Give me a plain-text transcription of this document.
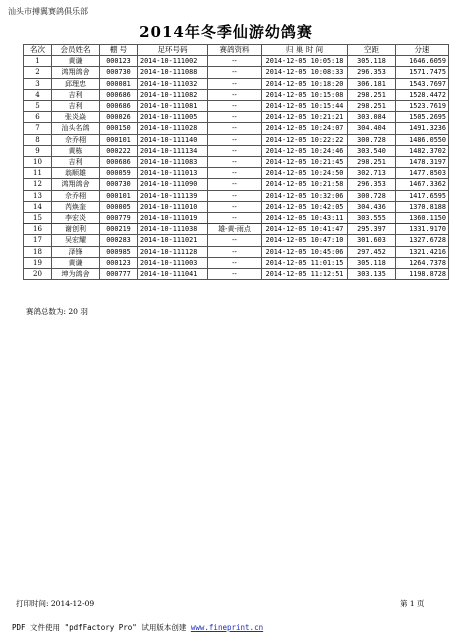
汕头市搏翼赛鸽俱乐部
2014年冬季仙游幼鸽赛
名次	会员姓名	棚 号	足环号码	赛鸽资料	归 巢 时 间	空距	分速
1	黄谦	000123	2014-10-111002	--	2014-12-05 10:05:18	305.118	1646.6059
2	鸿翔鸽舍	000730	2014-10-111088	--	2014-12-05 10:08:33	296.353	1571.7475
3	邱理忠	000081	2014-10-111032	--	2014-12-05 10:18:20	306.181	1543.7697
4	吉利	000686	2014-10-111082	--	2014-12-05 10:15:08	298.251	1528.4472
5	吉利	000686	2014-10-111081	--	2014-12-05 10:15:44	298.251	1523.7619
6	张炎焱	000026	2014-10-111005	--	2014-12-05 10:21:21	303.084	1505.2695
7	汕头名鸽	000150	2014-10-111028	--	2014-12-05 10:24:07	304.404	1491.3236
8	佘乔栩	000101	2014-10-111140	--	2014-12-05 10:22:22	300.728	1486.0550
9	黄栋	000222	2014-10-111134	--	2014-12-05 10:24:46	303.540	1482.3702
10	吉利	000686	2014-10-111083	--	2014-12-05 10:21:45	298.251	1478.3197
11	翁顺雄	000059	2014-10-111013	--	2014-12-05 10:24:50	302.713	1477.8503
12	鸿翔鸽舍	000730	2014-10-111090	--	2014-12-05 10:21:58	296.353	1467.3362
13	佘乔栩	000101	2014-10-111139	--	2014-12-05 10:32:06	300.728	1417.6595
14	芮焕奎	000005	2014-10-111010	--	2014-12-05 10:42:05	304.436	1370.8188
15	李宏炎	000779	2014-10-111019	--	2014-12-05 10:43:11	303.555	1360.1150
16	谢创利	000219	2014-10-111038	雄-黄-雨点	2014-12-05 10:41:47	295.397	1331.9170
17	吴宏耀	000283	2014-10-111021	--	2014-12-05 10:47:10	301.603	1327.6728
18	泽锋	000985	2014-10-111128	--	2014-12-05 10:45:06	297.452	1321.4216
19	黄谦	000123	2014-10-111003	--	2014-12-05 11:01:15	305.118	1264.7378
20	坤为鸽舍	000777	2014-10-111041	--	2014-12-05 11:12:51	303.135	1198.8728
赛鸽总数为: 20 羽
打印时间: 2014-12-09	第 1 页
PDF 文件使用 "pdfFactory Pro" 试用版本创建 www.fineprint.cn
